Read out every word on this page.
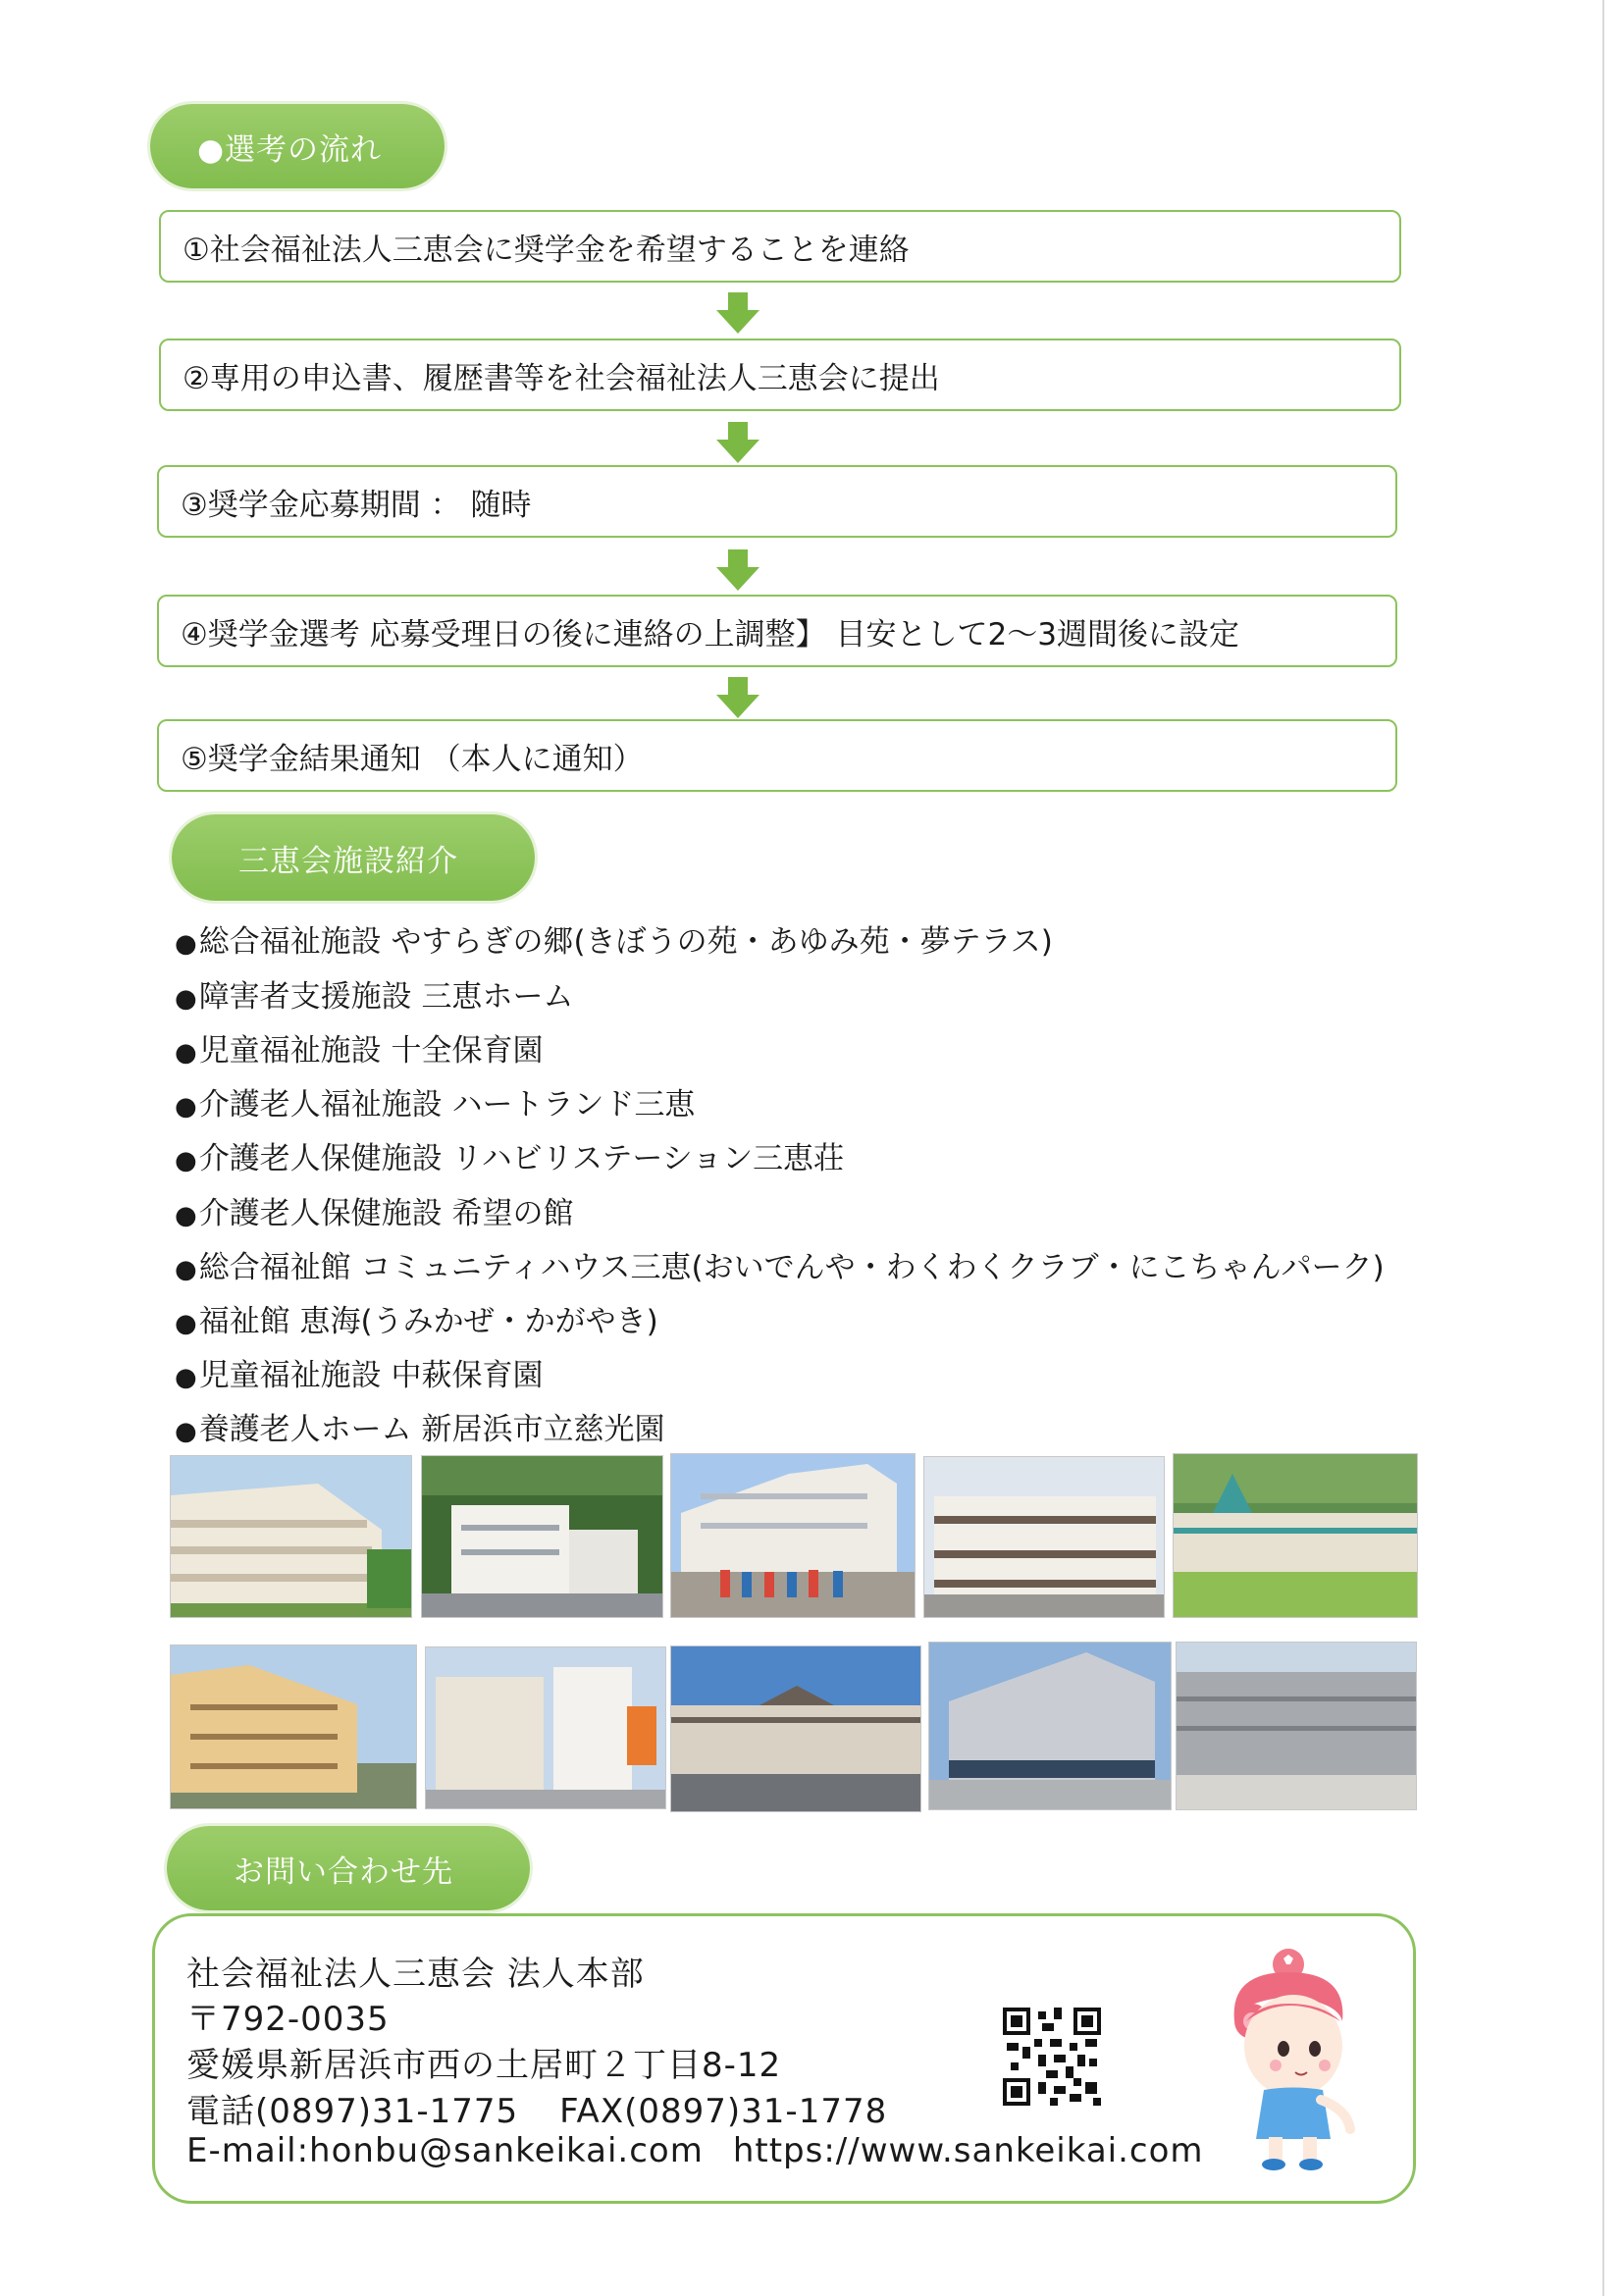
●選考の流れ
①社会福祉法人三恵会に奨学金を希望することを連絡
②専用の申込書、履歴書等を社会福祉法人三恵会に提出
③奨学金応募期間 ： 随時
④奨学金選考 応募受理日の後に連絡の上調整】 目安として2～3週間後に設定
⑤奨学金結果通知 （本人に通知）
三恵会施設紹介
●総合福祉施設 やすらぎの郷(きぼうの苑・あゆみ苑・夢テラス)
●障害者支援施設 三恵ホーム
●児童福祉施設 十全保育園
●介護老人福祉施設 ハートランド三恵
●介護老人保健施設 リハビリステーション三恵荘
●介護老人保健施設 希望の館
●総合福祉館 コミュニティハウス三恵(おいでんや・わくわくクラブ・にこちゃんパーク)
●福祉館 恵海(うみかぜ・かがやき)
●児童福祉施設 中萩保育園
●養護老人ホーム 新居浜市立慈光園
お問い合わせ先
社会福祉法人三恵会 法人本部
〒792-0035
愛媛県新居浜市西の土居町２丁目8-12
電話(0897)31-1775 FAX(0897)31-1778
E-mail:honbu@sankeikai.com https://www.sankeikai.com
